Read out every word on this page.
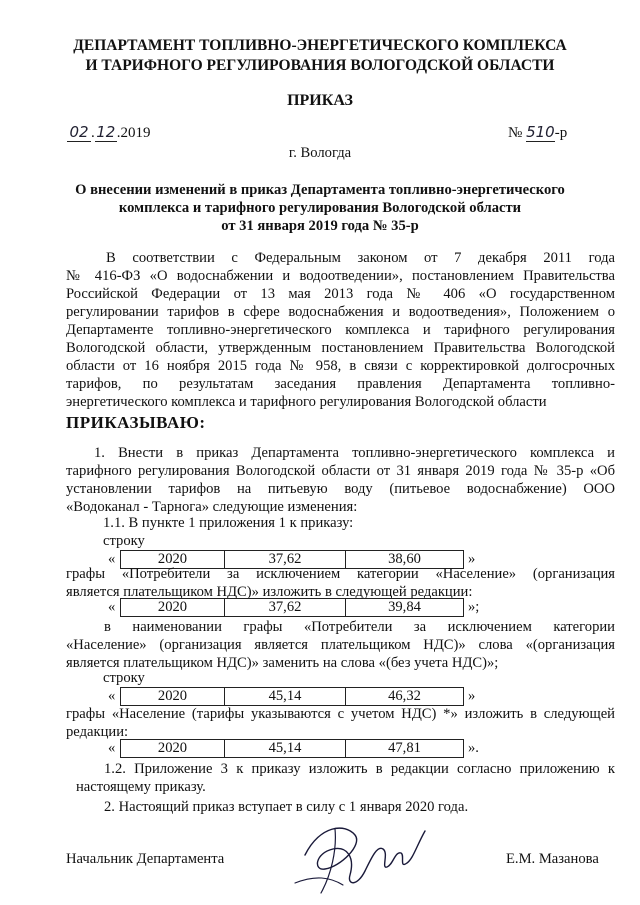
ДЕПАРТАМЕНТ ТОПЛИВНО-ЭНЕРГЕТИЧЕСКОГО КОМПЛЕКСА
И ТАРИФНОГО РЕГУЛИРОВАНИЯ ВОЛОГОДСКОЙ ОБЛАСТИ
ПРИКАЗ
02 .12.2019	№ 510-р
г. Вологда
О внесении изменений в приказ Департамента топливно-энергетического
комплекса и тарифного регулирования Вологодской области
от 31 января 2019 года № 35-р
В соответствии с Федеральным законом от 7 декабря 2011 года
№ 416-ФЗ «О водоснабжении и водоотведении», постановлением Правительства
Российской Федерации от 13 мая 2013 года № 406 «О государственном
регулировании тарифов в сфере водоснабжения и водоотведения», Положением о
Департаменте топливно-энергетического комплекса и тарифного регулирования
Вологодской области, утвержденным постановлением Правительства Вологодской
области от 16 ноября 2015 года № 958, в связи с корректировкой долгосрочных
тарифов, по результатам заседания правления Департамента топливно-
энергетического комплекса и тарифного регулирования Вологодской области
ПРИКАЗЫВАЮ:
1. Внести в приказ Департамента топливно-энергетического комплекса и
тарифного регулирования Вологодской области от 31 января 2019 года № 35-р «Об
установлении тарифов на питьевую воду (питьевое водоснабжение) ООО
«Водоканал - Тарнога» следующие изменения:
1.1. В пункте 1 приложения 1 к приказу:
строку
«	2020	37,62	38,60	»
графы «Потребители за исключением категории «Население» (организация
является плательщиком НДС)» изложить в следующей редакции:
«	2020	37,62	39,84	»;
в наименовании графы «Потребители за исключением категории
«Население» (организация является плательщиком НДС)» слова «(организация
является плательщиком НДС)» заменить на слова «(без учета НДС)»;
строку
«	2020	45,14	46,32	»
графы «Население (тарифы указываются с учетом НДС) *» изложить в следующей
редакции:
«	2020	45,14	47,81	».
1.2. Приложение 3 к приказу изложить в редакции согласно приложению к
настоящему приказу.
2. Настоящий приказ вступает в силу с 1 января 2020 года.
Начальник Департамента	Е.М. Мазанова
